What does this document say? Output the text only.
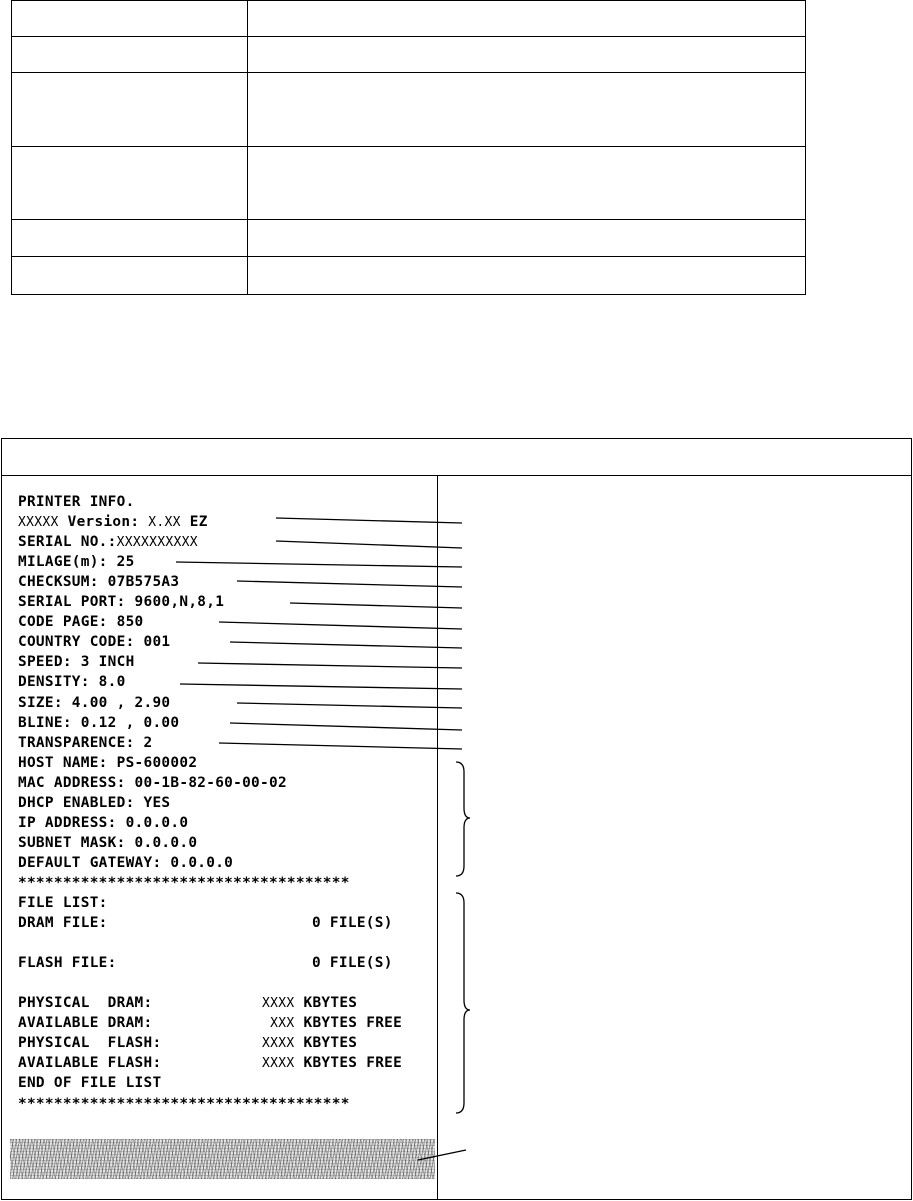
PRINTER INFO.
XXXXX Version: X.XX EZ
SERIAL NO.:XXXXXXXXXX
MILAGE(m): 25
CHECKSUM: 07B575A3
SERIAL PORT: 9600,N,8,1
CODE PAGE: 850
COUNTRY CODE: 001
SPEED: 3 INCH
DENSITY: 8.0
SIZE: 4.00 , 2.90
BLINE: 0.12 , 0.00
TRANSPARENCE: 2
HOST NAME: PS-600002
MAC ADDRESS: 00-1B-82-60-00-02
DHCP ENABLED: YES
IP ADDRESS: 0.0.0.0
SUBNET MASK: 0.0.0.0
DEFAULT GATEWAY: 0.0.0.0
*************************************
FILE LIST:
DRAM FILE:	0 FILE(S)
FLASH FILE:	0 FILE(S)
PHYSICAL  DRAM:	XXXX KBYTES
AVAILABLE DRAM:	XXX KBYTES FREE
PHYSICAL  FLASH:	XXXX KBYTES
AVAILABLE FLASH:	XXXX KBYTES FREE
END OF FILE LIST
*************************************
